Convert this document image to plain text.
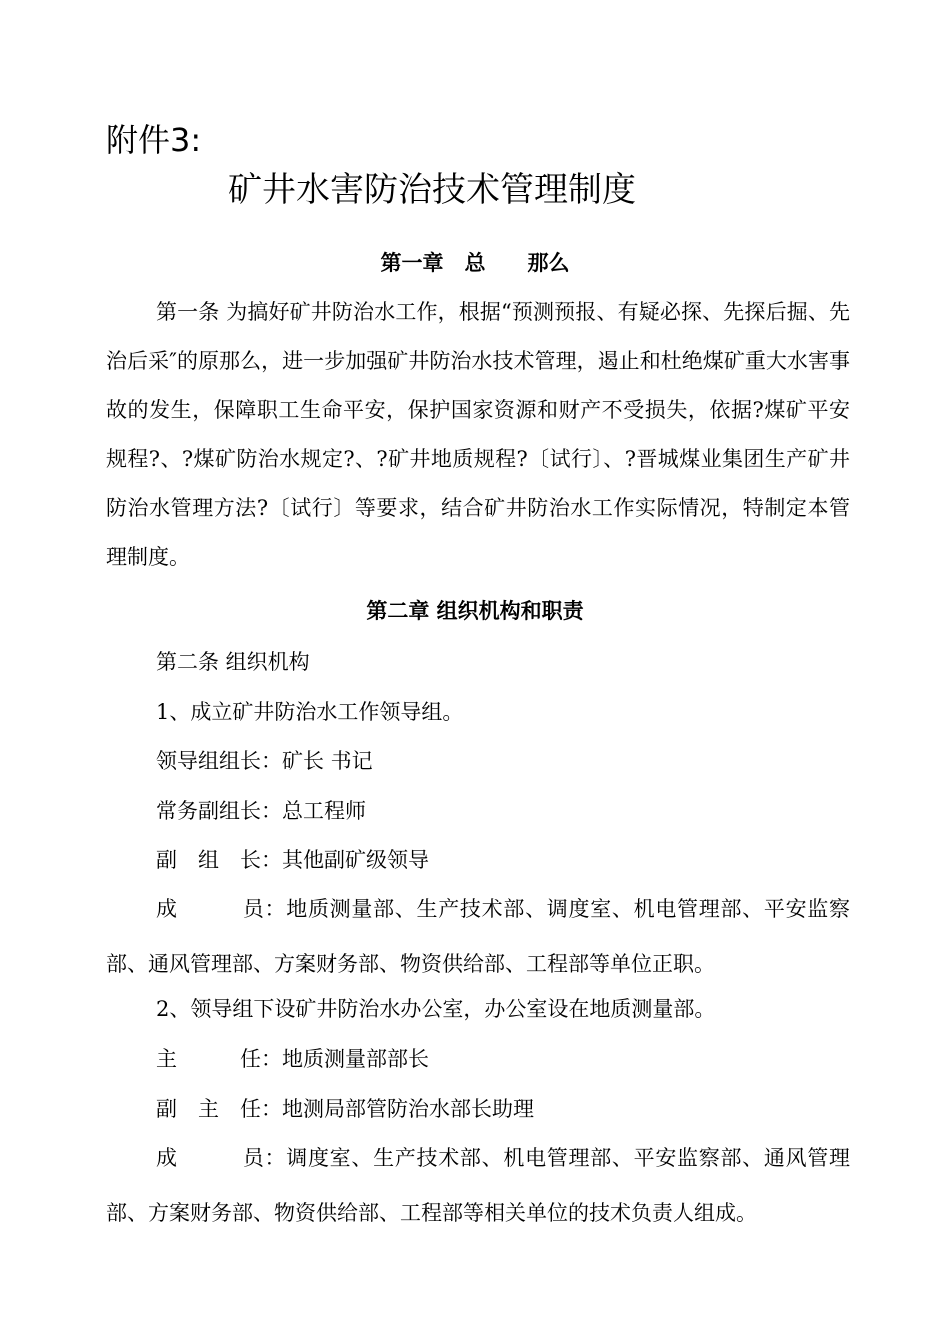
附件3:
矿井水害防治技术管理制度
第一章　总　　那么
第一条 为搞好矿井防治水工作，根据“预测预报、有疑必探、先探后掘、先治后采″的原那么，进一步加强矿井防治水技术管理，遏止和杜绝煤矿重大水害事故的发生，保障职工生命平安，保护国家资源和财产不受损失，依据?煤矿平安规程?、?煤矿防治水规定?、?矿井地质规程?〔试行〕、?晋城煤业集团生产矿井防治水管理方法?〔试行〕等要求，结合矿井防治水工作实际情况，特制定本管理制度。
第二章 组织机构和职责
第二条 组织机构
1、成立矿井防治水工作领导组。
领导组组长：矿长 书记
常务副组长：总工程师
副　组　长：其他副矿级领导
成　　　员：地质测量部、生产技术部、调度室、机电管理部、平安监察部、通风管理部、方案财务部、物资供给部、工程部等单位正职。
2、领导组下设矿井防治水办公室，办公室设在地质测量部。
主　　　任：地质测量部部长
副　主　任：地测局部管防治水部长助理
成　　　员：调度室、生产技术部、机电管理部、平安监察部、通风管理部、方案财务部、物资供给部、工程部等相关单位的技术负责人组成。
